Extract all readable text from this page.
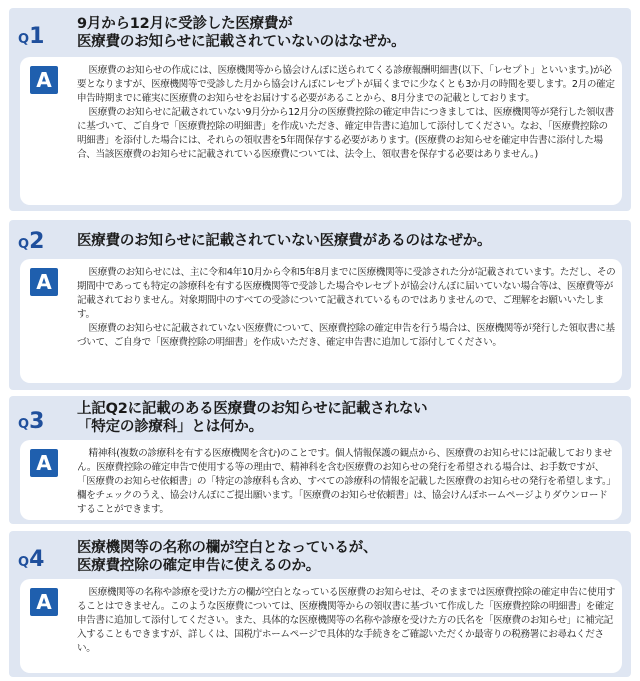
Q1 9月から12月に受診した医療費が
医療費のお知らせに記載されていないのはなぜか。
A	医療費のお知らせの作成には、医療機関等から協会けんぽに送られてくる診療報酬明細書(以下、「レセプト」といいます。)が必要となりますが、医療機関等で受診した月から協会けんぽにレセプトが届くまでに少なくとも3か月の時間を要します。2月の確定申告時期までに確実に医療費のお知らせをお届けする必要があることから、8月分までの記載としております。

医療費のお知らせに記載されていない9月分から12月分の医療費控除の確定申告につきましては、医療機関等が発行した領収書に基づいて、ご自身で「医療費控除の明細書」を作成いただき、確定申告書に追加して添付してください。なお、「医療費控除の明細書」を添付した場合には、それらの領収書を5年間保存する必要があります。(医療費のお知らせを確定申告書に添付した場合、当該医療費のお知らせに記載されている医療費については、法令上、領収書を保存する必要はありません。)

Q2 医療費のお知らせに記載されていない医療費があるのはなぜか。
A	医療費のお知らせには、主に令和4年10月から令和5年8月までに医療機関等に受診された分が記載されています。ただし、その期間中であっても特定の診療科を有する医療機関等で受診した場合やレセプトが協会けんぽに届いていない場合等は、医療費等が記載されておりません。対象期間中のすべての受診について記載されているものではありませんので、ご理解をお願いいたします。

医療費のお知らせに記載されていない医療費について、医療費控除の確定申告を行う場合は、医療機関等が発行した領収書に基づいて、ご自身で「医療費控除の明細書」を作成いただき、確定申告書に追加して添付してください。

Q3 上記Q2に記載のある医療費のお知らせに記載されない
「特定の診療科」とは何か。
A	精神科(複数の診療科を有する医療機関を含む)のことです。個人情報保護の観点から、医療費のお知らせには記載しておりません。医療費控除の確定申告で使用する等の理由で、精神科を含む医療費のお知らせの発行を希望される場合は、お手数ですが、「医療費のお知らせ依頼書」の「特定の診療科も含め、すべての診療科の情報を記載した医療費のお知らせの発行を希望します。」欄をチェックのうえ、協会けんぽにご提出願います。「医療費のお知らせ依頼書」は、協会けんぽホームページよりダウンロードすることができます。

Q4 医療機関等の名称の欄が空白となっているが、
医療費控除の確定申告に使えるのか。
A	医療機関等の名称や診療を受けた方の欄が空白となっている医療費のお知らせは、そのままでは医療費控除の確定申告に使用することはできません。このような医療費については、医療機関等からの領収書に基づいて作成した「医療費控除の明細書」を確定申告書に追加して添付してください。また、具体的な医療機関等の名称や診療を受けた方の氏名を「医療費のお知らせ」に補完記入することもできますが、詳しくは、国税庁ホームページで具体的な手続きをご確認いただくか最寄りの税務署にお尋ねください。
